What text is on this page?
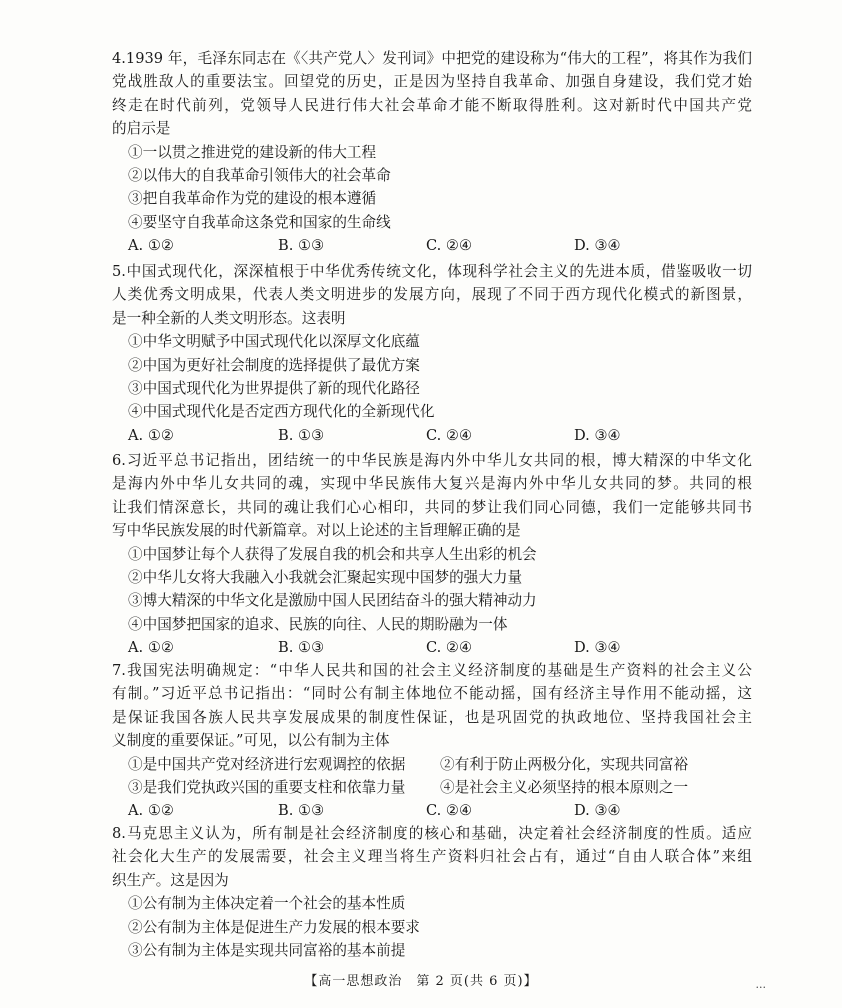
4.1939 年，毛泽东同志在《〈共产党人〉发刊词》中把党的建设称为“伟大的工程”，将其作为我们
党战胜敌人的重要法宝。回望党的历史，正是因为坚持自我革命、加强自身建设，我们党才始
终走在时代前列，党领导人民进行伟大社会革命才能不断取得胜利。这对新时代中国共产党
的启示是
①一以贯之推进党的建设新的伟大工程
②以伟大的自我革命引领伟大的社会革命
③把自我革命作为党的建设的根本遵循
④要坚守自我革命这条党和国家的生命线
A. ①②	B. ①③	C. ②④	D. ③④
5.中国式现代化，深深植根于中华优秀传统文化，体现科学社会主义的先进本质，借鉴吸收一切
人类优秀文明成果，代表人类文明进步的发展方向，展现了不同于西方现代化模式的新图景，
是一种全新的人类文明形态。这表明
①中华文明赋予中国式现代化以深厚文化底蕴
②中国为更好社会制度的选择提供了最优方案
③中国式现代化为世界提供了新的现代化路径
④中国式现代化是否定西方现代化的全新现代化
A. ①②	B. ①③	C. ②④	D. ③④
6.习近平总书记指出，团结统一的中华民族是海内外中华儿女共同的根，博大精深的中华文化
是海内外中华儿女共同的魂，实现中华民族伟大复兴是海内外中华儿女共同的梦。共同的根
让我们情深意长，共同的魂让我们心心相印，共同的梦让我们同心同德，我们一定能够共同书
写中华民族发展的时代新篇章。对以上论述的主旨理解正确的是
①中国梦让每个人获得了发展自我的机会和共享人生出彩的机会
②中华儿女将大我融入小我就会汇聚起实现中国梦的强大力量
③博大精深的中华文化是激励中国人民团结奋斗的强大精神动力
④中国梦把国家的追求、民族的向往、人民的期盼融为一体
A. ①②	B. ①③	C. ②④	D. ③④
7.我国宪法明确规定：“中华人民共和国的社会主义经济制度的基础是生产资料的社会主义公
有制。”习近平总书记指出：“同时公有制主体地位不能动摇，国有经济主导作用不能动摇，这
是保证我国各族人民共享发展成果的制度性保证，也是巩固党的执政地位、坚持我国社会主
义制度的重要保证。”可见，以公有制为主体
①是中国共产党对经济进行宏观调控的依据	②有利于防止两极分化，实现共同富裕
③是我们党执政兴国的重要支柱和依靠力量	④是社会主义必须坚持的根本原则之一
A. ①②	B. ①③	C. ②④	D. ③④
8.马克思主义认为，所有制是社会经济制度的核心和基础，决定着社会经济制度的性质。适应
社会化大生产的发展需要，社会主义理当将生产资料归社会占有，通过“自由人联合体”来组
织生产。这是因为
①公有制为主体决定着一个社会的基本性质
②公有制为主体是促进生产力发展的根本要求
③公有制为主体是实现共同富裕的基本前提
【高一思想政治　第 2 页(共 6 页)】	...
